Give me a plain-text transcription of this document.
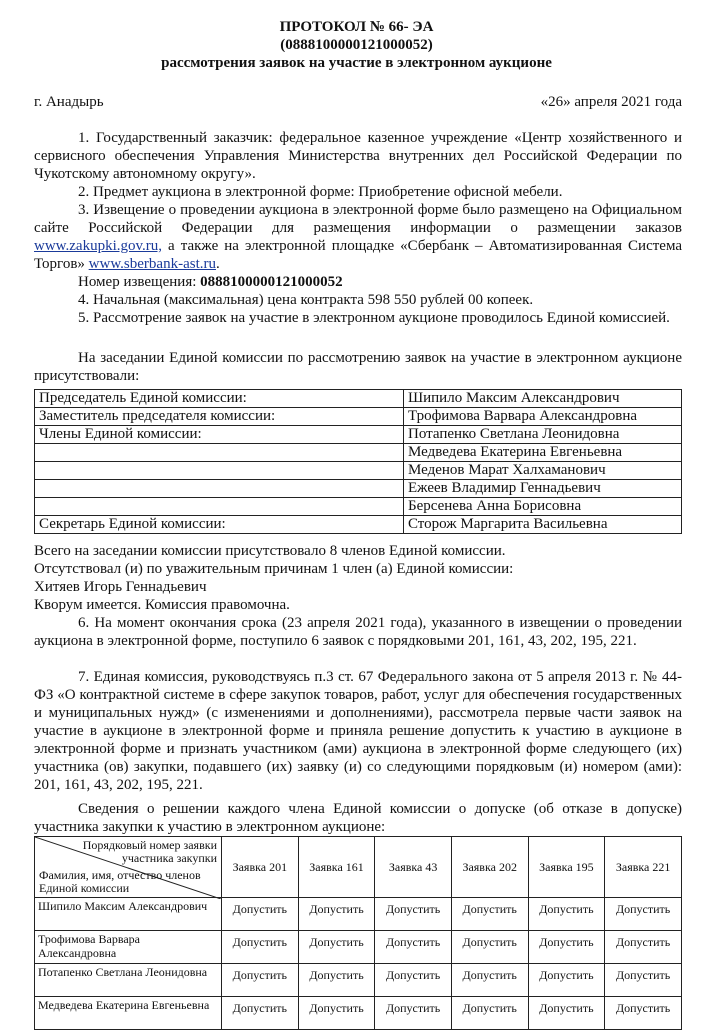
ПРОТОКОЛ № 66- ЭА
(0888100000121000052)
рассмотрения заявок на участие в электронном аукционе
г. Анадырь	«26» апреля 2021 года

1. Государственный заказчик: федеральное казенное учреждение «Центр хозяйственного и сервисного обеспечения Управления Министерства внутренних дел Российской Федерации по Чукотскому автономному округу».

2. Предмет аукциона в электронной форме: Приобретение офисной мебели.

3. Извещение о проведении аукциона в электронной форме было размещено на Официальном сайте Российской Федерации для размещения информации о размещении заказов www.zakupki.gov.ru, а также на электронной площадке «Сбербанк – Автоматизированная Система Торгов» www.sberbank-ast.ru.

Номер извещения: 0888100000121000052

4. Начальная (максимальная) цена контракта 598 550 рублей 00 копеек.

5. Рассмотрение заявок на участие в электронном аукционе проводилось Единой комиссией.

На заседании Единой комиссии по рассмотрению заявок на участие в электронном аукционе присутствовали:

Председатель Единой комиссии:	Шипило Максим Александрович
Заместитель председателя комиссии:	Трофимова Варвара Александровна
Члены Единой комиссии:	Потапенко Светлана Леонидовна
	Медведева Екатерина Евгеньевна
	Меденов Марат Халхаманович
	Ежеев Владимир Геннадьевич
	Берсенева Анна Борисовна
Секретарь Единой комиссии:	Сторож Маргарита Васильевна
Всего на заседании комиссии присутствовало 8 членов Единой комиссии.
Отсутствовал (и) по уважительным причинам 1 член (а) Единой комиссии:
Хитяев Игорь Геннадьевич
Кворум имеется. Комиссия правомочна.

6. На момент окончания срока (23 апреля 2021 года), указанного в извещении о проведении аукциона в электронной форме, поступило 6 заявок с порядковыми 201, 161, 43, 202, 195, 221.

7. Единая комиссия, руководствуясь п.3 ст. 67 Федерального закона от 5 апреля 2013 г. № 44-ФЗ «О контрактной системе в сфере закупок товаров, работ, услуг для обеспечения государственных и муниципальных нужд» (с изменениями и дополнениями), рассмотрела первые части заявок на участие в аукционе в электронной форме и приняла решение допустить к участию в аукционе в электронной форме и признать участником (ами) аукциона в электронной форме следующего (их) участника (ов) закупки, подавшего (их) заявку (и) со следующими порядковым (и) номером (ами): 201, 161, 43, 202, 195, 221.

Сведения о решении каждого члена Единой комиссии о допуске (об отказе в допуске) участника закупки к участию в электронном аукционе:

Порядковый номер заявки участника закупки
Фамилия, имя, отчество членов Единой комиссии	Заявка 201	Заявка 161	Заявка 43	Заявка 202	Заявка 195	Заявка 221
Шипило Максим Александрович	Допустить	Допустить	Допустить	Допустить	Допустить	Допустить
Трофимова Варвара Александровна	Допустить	Допустить	Допустить	Допустить	Допустить	Допустить
Потапенко Светлана Леонидовна	Допустить	Допустить	Допустить	Допустить	Допустить	Допустить
Медведева Екатерина Евгеньевна	Допустить	Допустить	Допустить	Допустить	Допустить	Допустить
